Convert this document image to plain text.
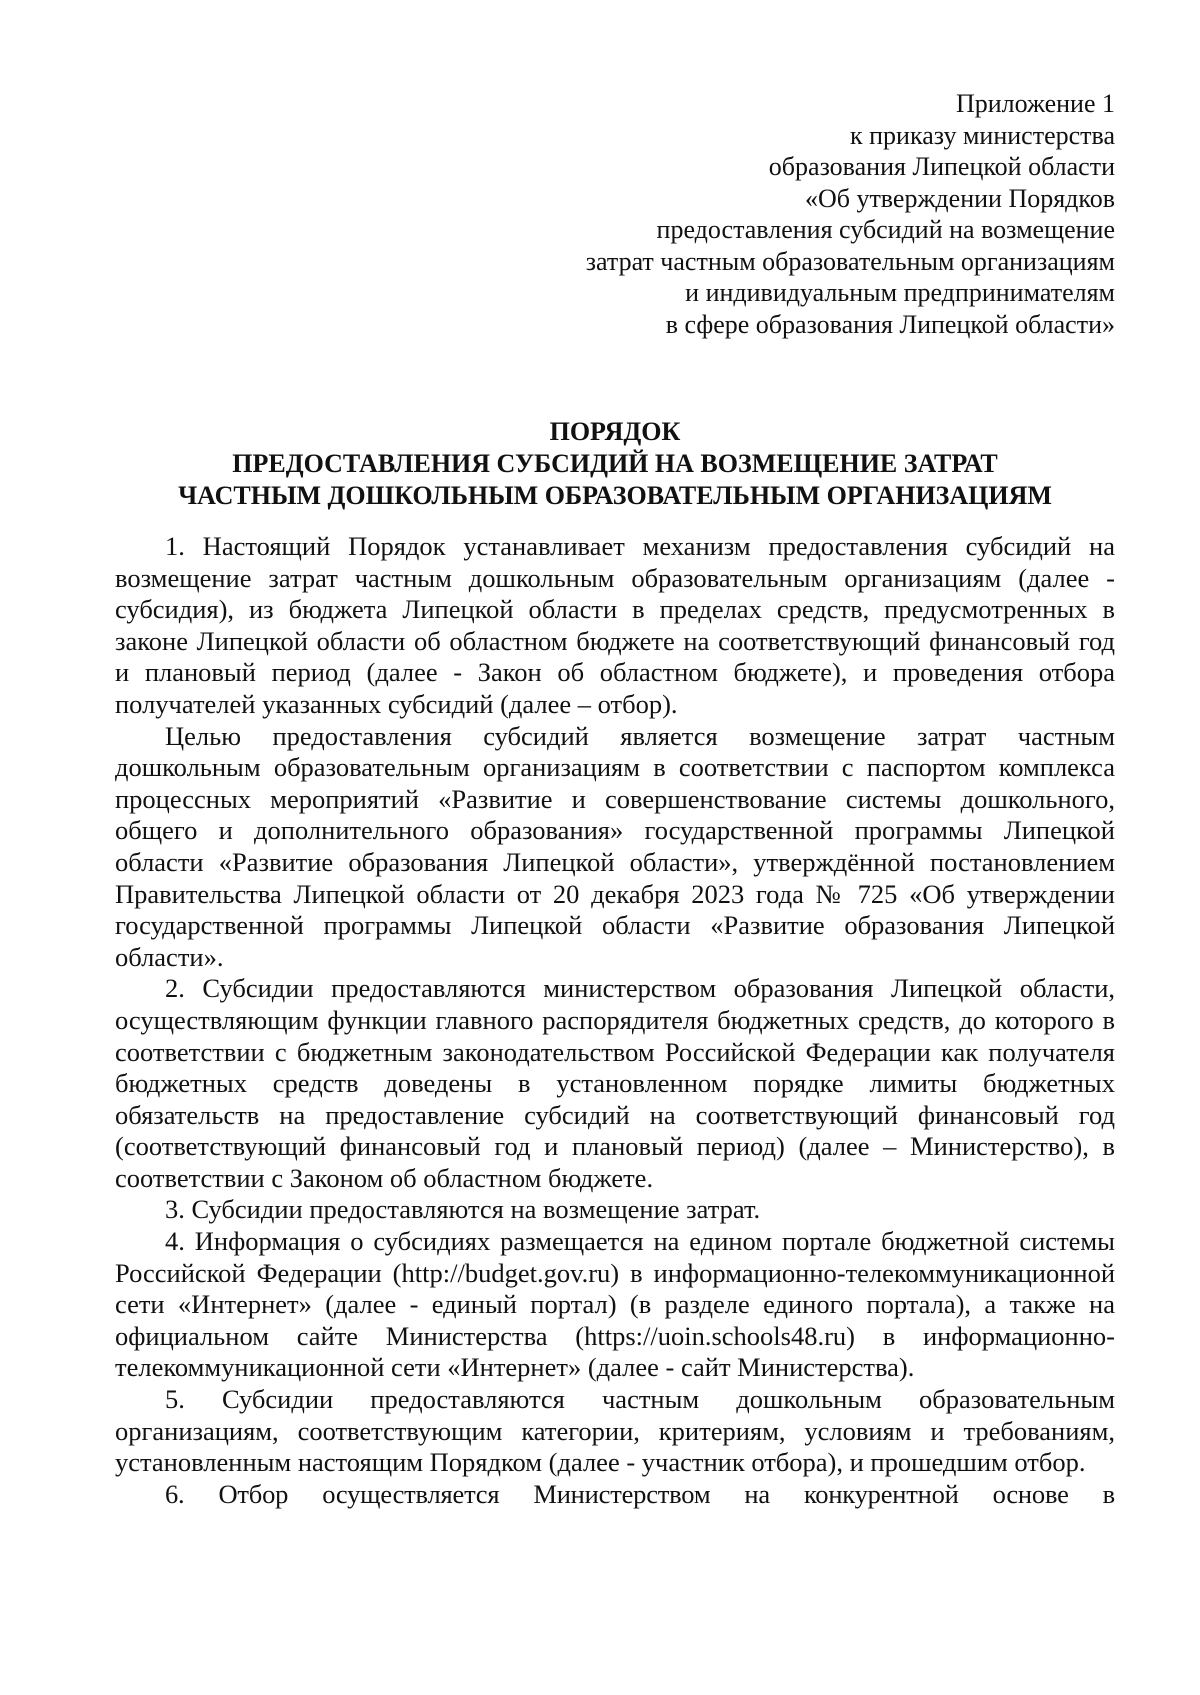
Приложение 1
к приказу министерства
образования Липецкой области
«Об утверждении Порядков
предоставления субсидий на возмещение
затрат частным образовательным организациям
и индивидуальным предпринимателям
в сфере образования Липецкой области»
ПОРЯДОК
ПРЕДОСТАВЛЕНИЯ СУБСИДИЙ НА ВОЗМЕЩЕНИЕ ЗАТРАТ
ЧАСТНЫМ ДОШКОЛЬНЫМ ОБРАЗОВАТЕЛЬНЫМ ОРГАНИЗАЦИЯМ

1. Настоящий Порядок устанавливает механизм предоставления субсидий на возмещение затрат частным дошкольным образовательным организациям (далее - субсидия), из бюджета Липецкой области в пределах средств, предусмотренных в законе Липецкой области об областном бюджете на соответствующий финансовый год и плановый период (далее - Закон об областном бюджете), и проведения отбора получателей указанных субсидий (далее – отбор).

Целью предоставления субсидий является возмещение затрат частным дошкольным образовательным организациям в соответствии с паспортом комплекса процессных мероприятий «Развитие и совершенствование системы дошкольного, общего и дополнительного образования» государственной программы Липецкой области «Развитие образования Липецкой области», утверждённой постановлением Правительства Липецкой области от 20 декабря 2023 года № 725 «Об утверждении государственной программы Липецкой области «Развитие образования Липецкой области».

2. Субсидии предоставляются министерством образования Липецкой области, осуществляющим функции главного распорядителя бюджетных средств, до которого в соответствии с бюджетным законодательством Российской Федерации как получателя бюджетных средств доведены в установленном порядке лимиты бюджетных обязательств на предоставление субсидий на соответствующий финансовый год (соответствующий финансовый год и плановый период) (далее – Министерство), в соответствии с Законом об областном бюджете.

3. Субсидии предоставляются на возмещение затрат.

4. Информация о субсидиях размещается на едином портале бюджетной системы Российской Федерации (http://budget.gov.ru) в информационно-телекоммуникационной сети «Интернет» (далее - единый портал) (в разделе единого портала), а также на официальном сайте Министерства (https://uoin.schools48.ru) в информационно-телекоммуникационной сети «Интернет» (далее - сайт Министерства).

5. Субсидии предоставляются частным дошкольным образовательным организациям, соответствующим категории, критериям, условиям и требованиям, установленным настоящим Порядком (далее - участник отбора), и прошедшим отбор.

6. Отбор осуществляется Министерством на конкурентной основе в
